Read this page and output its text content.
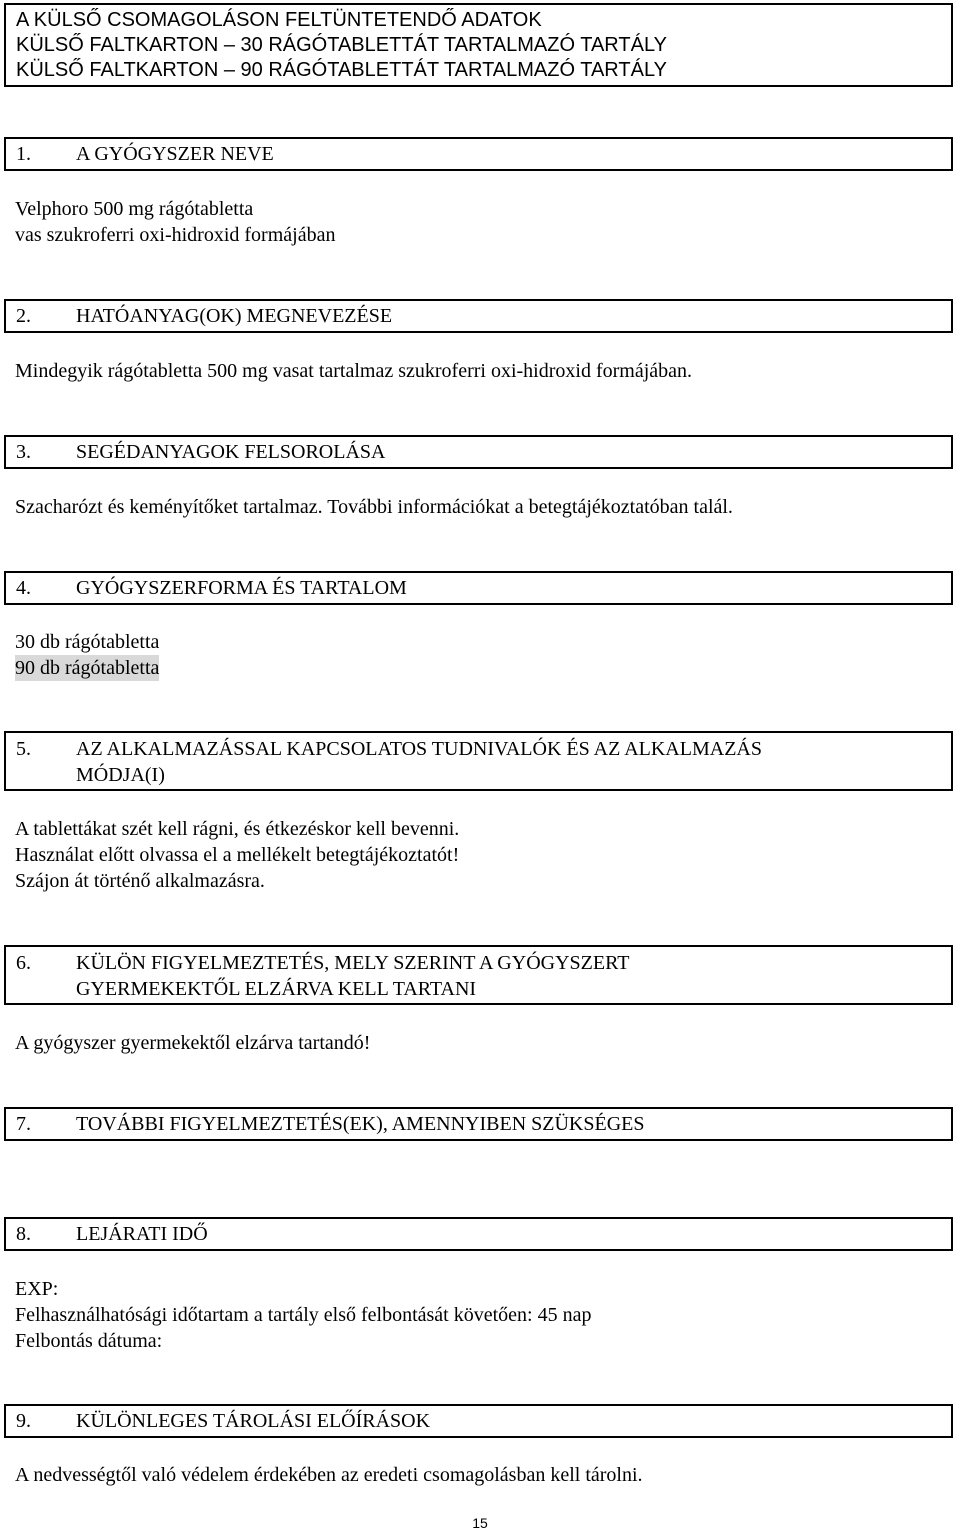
A KÜLSŐ CSOMAGOLÁSON FELTÜNTETENDŐ ADATOK
KÜLSŐ FALTKARTON – 30 RÁGÓTABLETTÁT TARTALMAZÓ TARTÁLY
KÜLSŐ FALTKARTON – 90 RÁGÓTABLETTÁT TARTALMAZÓ TARTÁLY
1.	A GYÓGYSZER NEVE
Velphoro 500 mg rágótabletta
vas szukroferri oxi-hidroxid formájában
2.	HATÓANYAG(OK) MEGNEVEZÉSE
Mindegyik rágótabletta 500 mg vasat tartalmaz szukroferri oxi-hidroxid formájában.
3.	SEGÉDANYAGOK FELSOROLÁSA
Szacharózt és keményítőket tartalmaz. További információkat a betegtájékoztatóban talál.
4.	GYÓGYSZERFORMA ÉS TARTALOM
30 db rágótabletta
90 db rágótabletta
5.	AZ ALKALMAZÁSSAL KAPCSOLATOS TUDNIVALÓK ÉS AZ ALKALMAZÁS
MÓDJA(I)
A tablettákat szét kell rágni, és étkezéskor kell bevenni.
Használat előtt olvassa el a mellékelt betegtájékoztatót!
Szájon át történő alkalmazásra.
6.	KÜLÖN FIGYELMEZTETÉS, MELY SZERINT A GYÓGYSZERT
GYERMEKEKTŐL ELZÁRVA KELL TARTANI
A gyógyszer gyermekektől elzárva tartandó!
7.	TOVÁBBI FIGYELMEZTETÉS(EK), AMENNYIBEN SZÜKSÉGES
8.	LEJÁRATI IDŐ
EXP:
Felhasználhatósági időtartam a tartály első felbontását követően: 45 nap
Felbontás dátuma:
9.	KÜLÖNLEGES TÁROLÁSI ELŐÍRÁSOK
A nedvességtől való védelem érdekében az eredeti csomagolásban kell tárolni.
15
